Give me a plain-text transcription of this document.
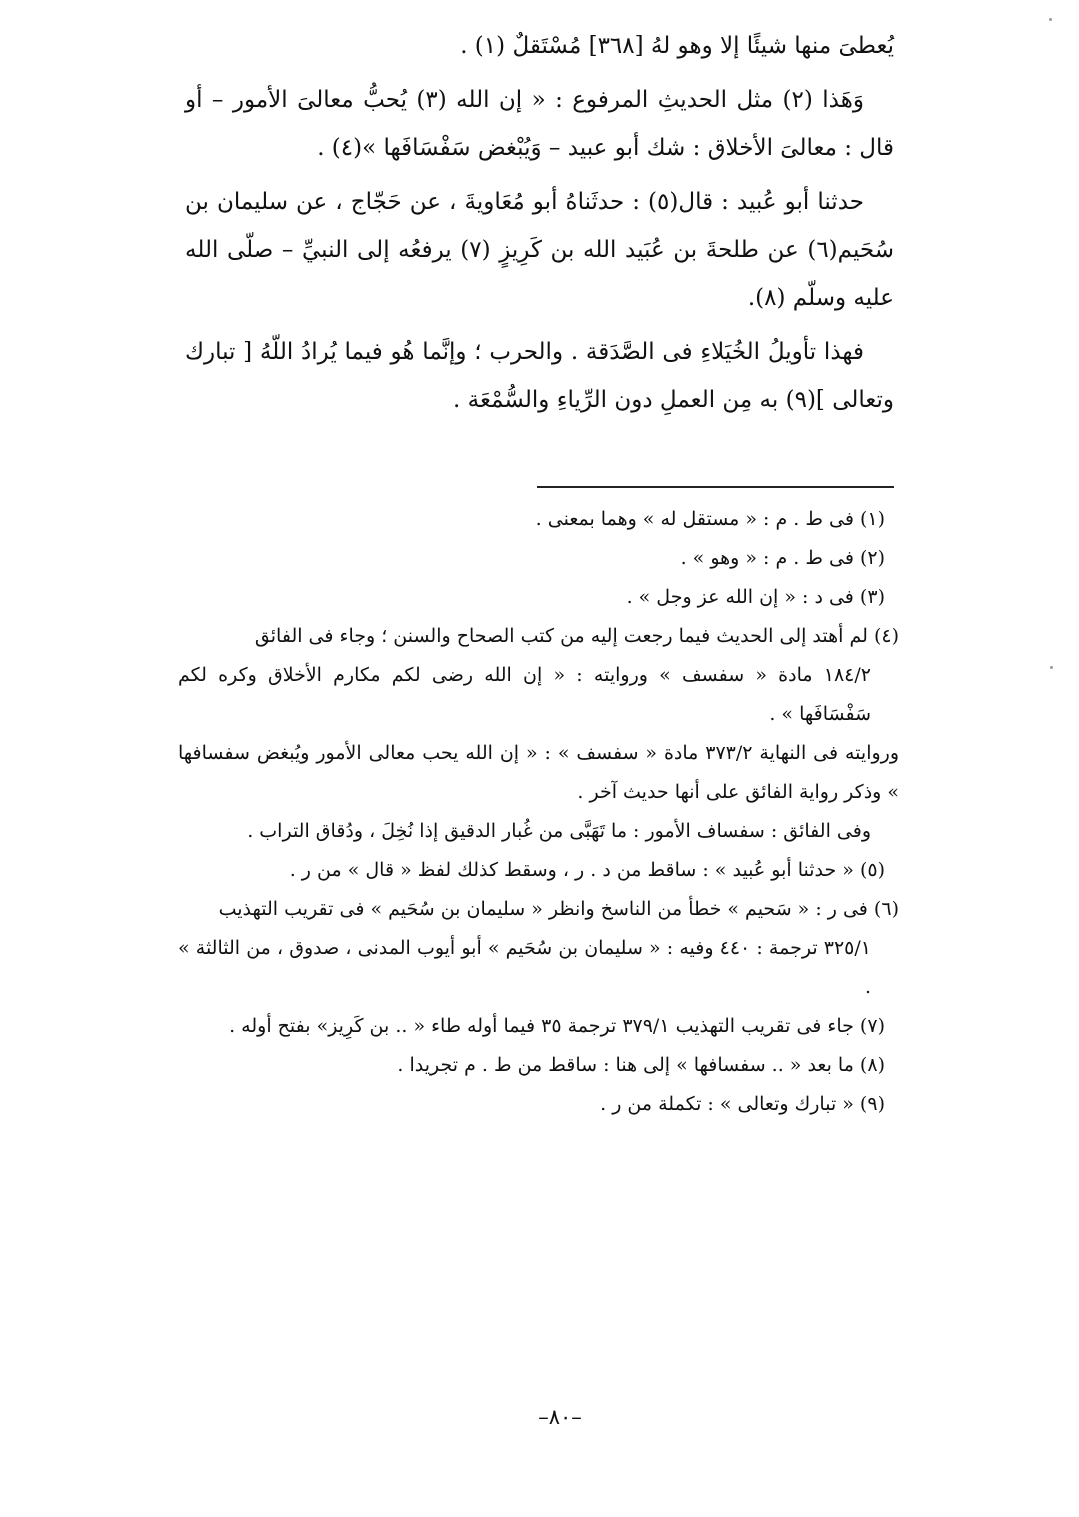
يُعطىَ منها شيئًا إلا وهو لهُ [٣٦٨] مُسْتَقلٌ (١) .

وَهَذا (٢) مثل الحديثِ المرفوع : « إن الله (٣) يُحبُّ معالىَ الأمور – أو قال : معالىَ الأخلاق : شك أبو عبيد – وَيُبْغض سَفْسَافَها »(٤) .

حدثنا أبو عُبيد : قال(٥) : حدثَناهُ أبو مُعَاويةَ ، عن حَجّاج ، عن سليمان بن سُحَيم(٦) عن طلحةَ بن عُبَيد الله بن كَرِيزٍ (٧) يرفعُه إلى النبيِّ – صلّى الله عليه وسلّم (٨).

فهذا تأويلُ الخُيَلاءِ فى الصَّدَقة . والحرب ؛ وإنَّما هُو فيما يُرادُ اللّهُ [ تبارك وتعالى ](٩) به مِن العملِ دون الرِّياءِ والسُّمْعَة .

(١) فى ط . م : « مستقل له » وهما بمعنى .

(٢) فى ط . م : « وهو » .

(٣) فى د : « إن الله عز وجل » .

(٤) لم أهتد إلى الحديث فيما رجعت إليه من كتب الصحاح والسنن ؛ وجاء فى الفائق

١٨٤/٢ مادة « سفسف » وروايته : « إن الله رضى لكم مكارم الأخلاق وكره لكم سَفْسَافَها » .

وروايته فى النهاية ٣٧٣/٢ مادة « سفسف » : « إن الله يحب معالى الأمور ويُبغض سفسافها » وذكر رواية الفائق على أنها حديث آخر .

وفى الفائق : سفساف الأمور : ما تَهَبَّى من غُبار الدقيق إذا نُخِلَ ، ودُقاق التراب .

(٥) « حدثنا أبو عُبيد » : ساقط من د . ر ، وسقط كذلك لفظ « قال » من ر .

(٦) فى ر : « سَحيم » خطأ من الناسخ وانظر « سليمان بن سُحَيم » فى تقريب التهذيب

٣٢٥/١ ترجمة : ٤٤٠ وفيه : « سليمان بن سُحَيم » أبو أيوب المدنى ، صدوق ، من الثالثة » .

(٧) جاء فى تقريب التهذيب ٣٧٩/١ ترجمة ٣٥ فيما أوله طاء « .. بن كَرِيز» بفتح أوله .

(٨) ما بعد « .. سفسافها » إلى هنا : ساقط من ط . م تجريدا .

(٩) « تبارك وتعالى » : تكملة من ر .

–٨٠–
